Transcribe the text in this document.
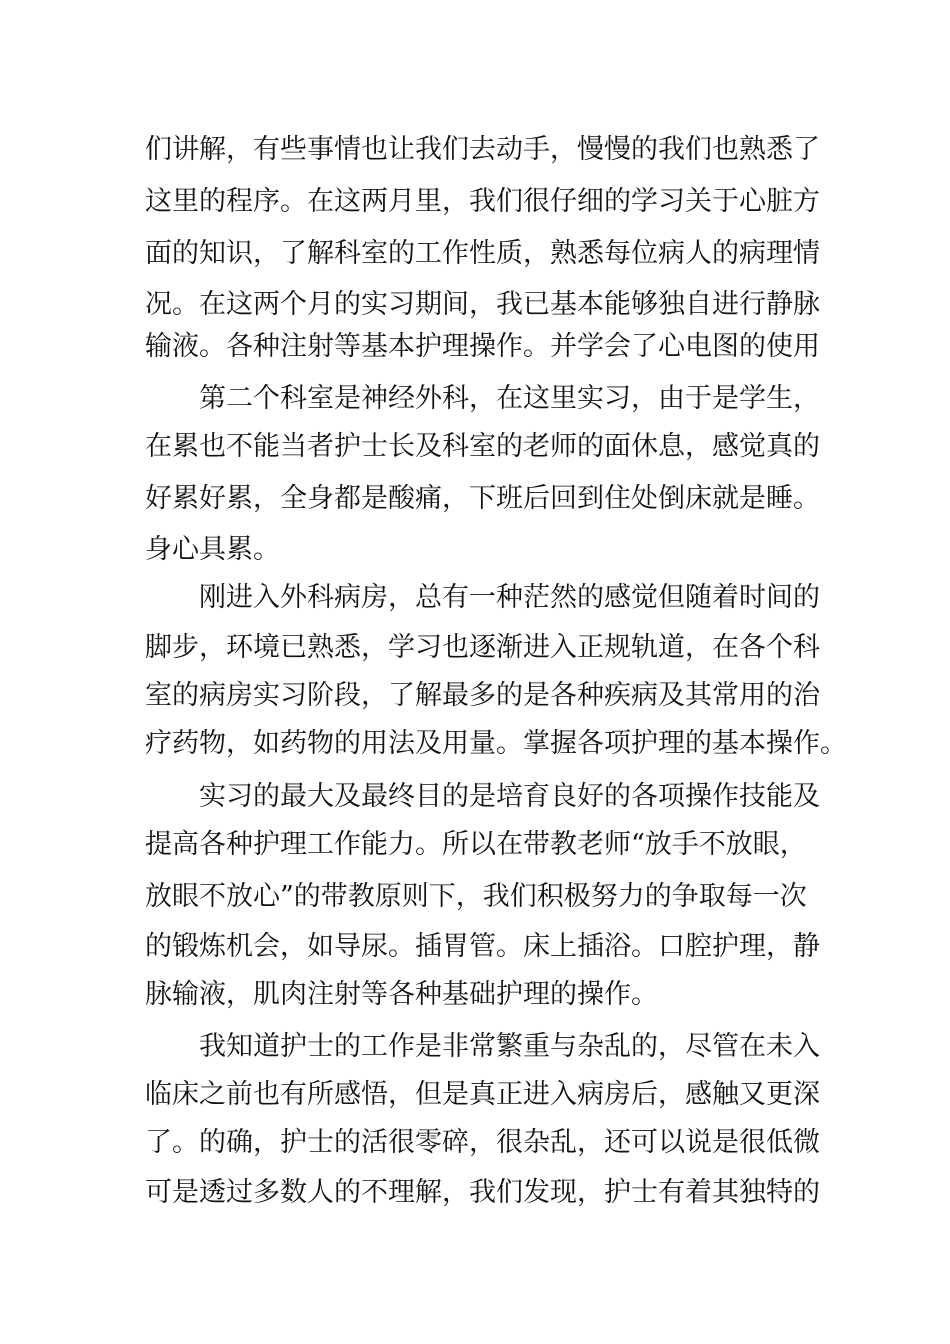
们讲解，有些事情也让我们去动手，慢慢的我们也熟悉了

这里的程序。在这两月里，我们很仔细的学习关于心脏方

面的知识，了解科室的工作性质，熟悉每位病人的病理情

况。在这两个月的实习期间，我已基本能够独自进行静脉

输液。各种注射等基本护理操作。并学会了心电图的使用

第二个科室是神经外科，在这里实习，由于是学生，

在累也不能当者护士长及科室的老师的面休息，感觉真的

好累好累，全身都是酸痛，下班后回到住处倒床就是睡。

身心具累。

刚进入外科病房，总有一种茫然的感觉但随着时间的

脚步，环境已熟悉，学习也逐渐进入正规轨道，在各个科

室的病房实习阶段，了解最多的是各种疾病及其常用的治

疗药物，如药物的用法及用量。掌握各项护理的基本操作。

实习的最大及最终目的是培育良好的各项操作技能及

提高各种护理工作能力。所以在带教老师“放手不放眼，

放眼不放心”的带教原则下，我们积极努力的争取每一次

的锻炼机会，如导尿。插胃管。床上插浴。口腔护理，静

脉输液，肌肉注射等各种基础护理的操作。

我知道护士的工作是非常繁重与杂乱的，尽管在未入

临床之前也有所感悟，但是真正进入病房后，感触又更深

了。的确，护士的活很零碎，很杂乱，还可以说是很低微

可是透过多数人的不理解，我们发现，护士有着其独特的
